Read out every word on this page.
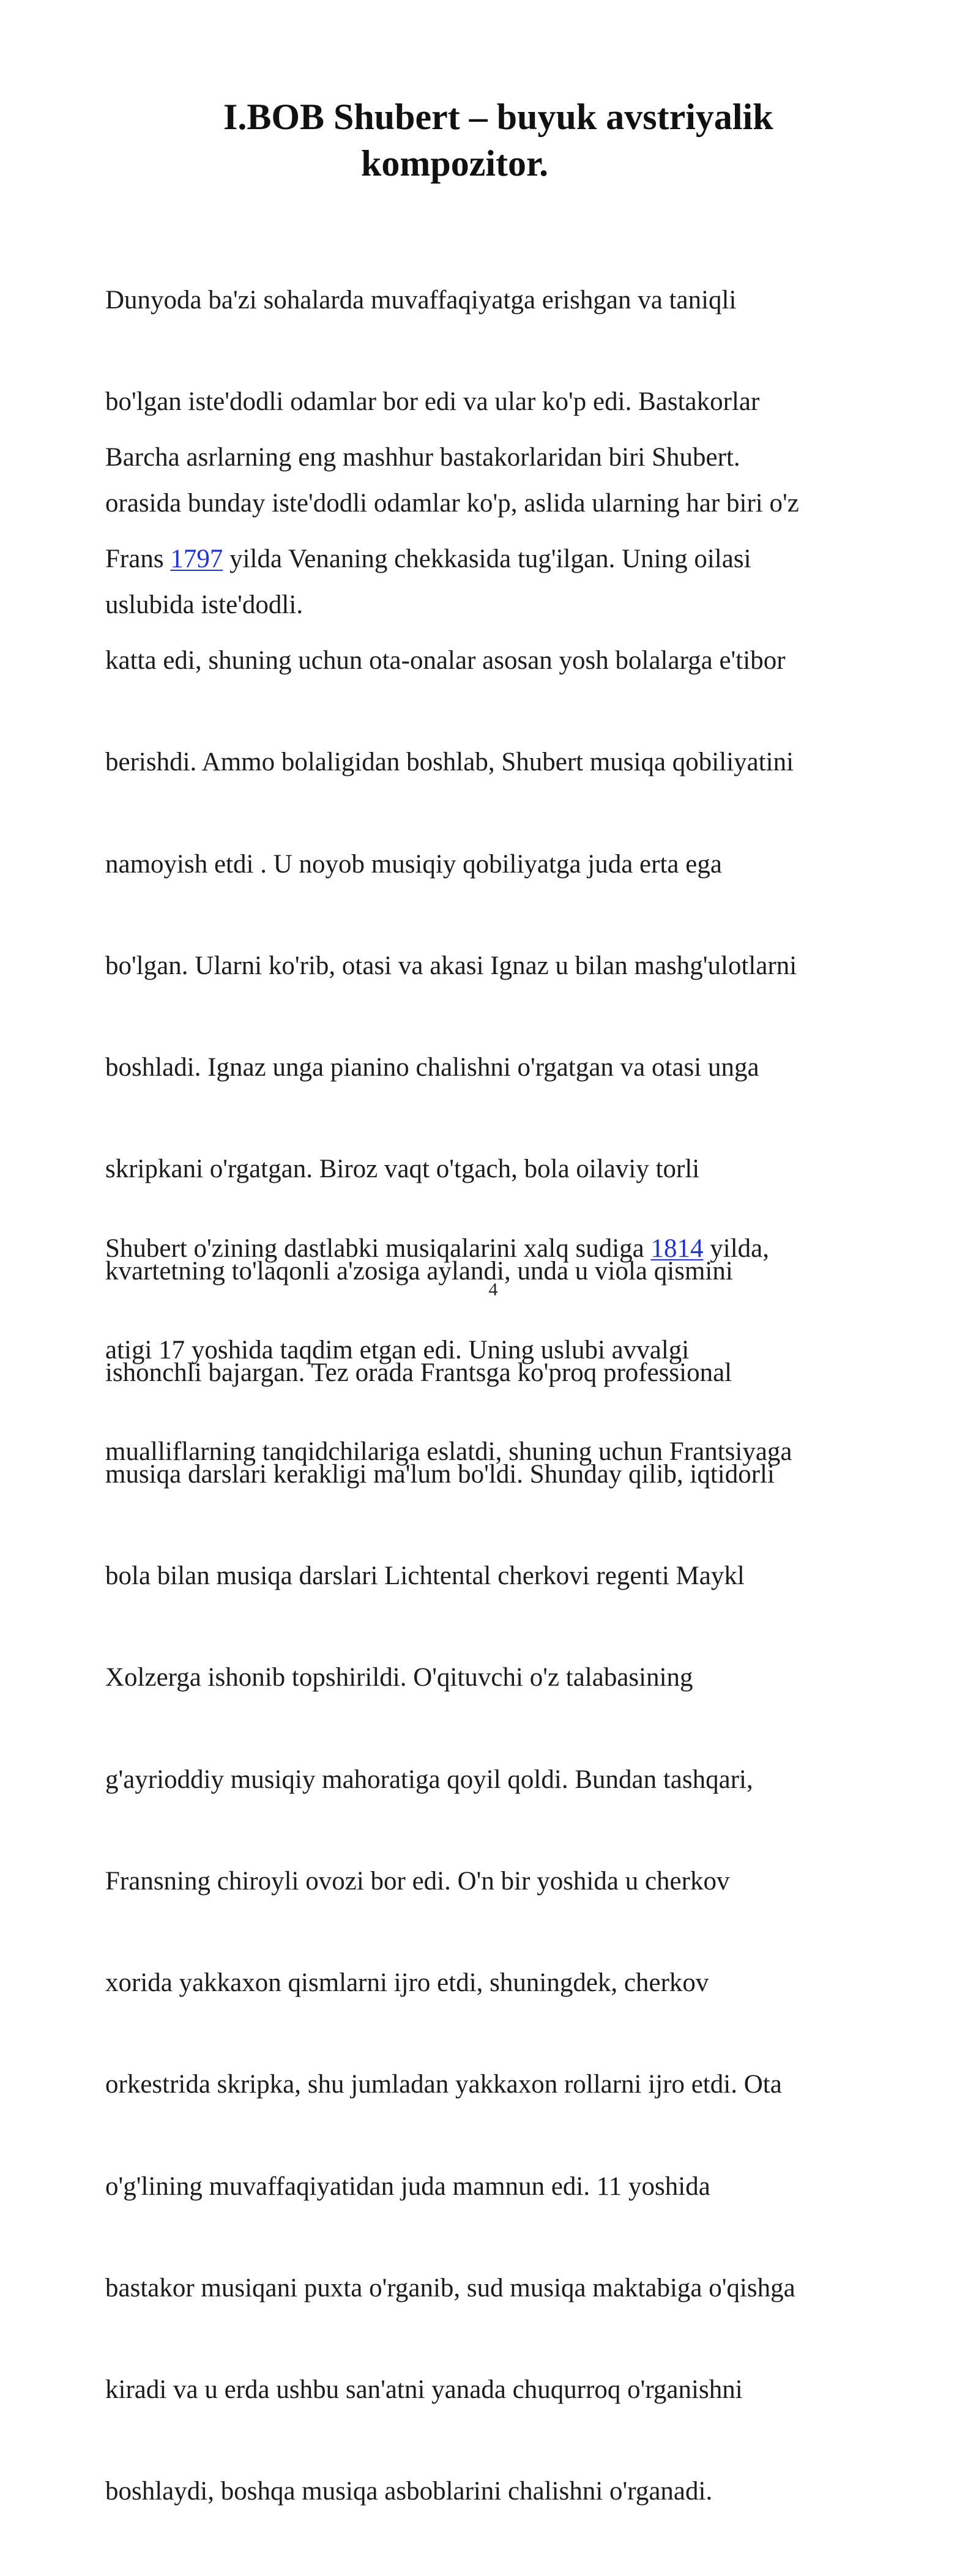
I.BOB Shubert – buyuk avstriyalik
kompozitor.

Dunyoda ba'zi sohalarda muvaffaqiyatga erishgan va taniqli

bo'lgan iste'dodli odamlar bor edi va ular ko'p edi. Bastakorlar

orasida bunday iste'dodli odamlar ko'p, aslida ularning har biri o'z

uslubida iste'dodli.

Barcha asrlarning eng mashhur bastakorlaridan biri Shubert.

Frans 1797 yilda Venaning chekkasida tug'ilgan. Uning oilasi

katta edi, shuning uchun ota-onalar asosan yosh bolalarga e'tibor

berishdi. Ammo bolaligidan boshlab, Shubert musiqa qobiliyatini

namoyish etdi . U noyob musiqiy qobiliyatga juda erta ega

bo'lgan. Ularni ko'rib, otasi va akasi Ignaz u bilan mashg'ulotlarni

boshladi. Ignaz unga pianino chalishni o'rgatgan va otasi unga

skripkani o'rgatgan. Biroz vaqt o'tgach, bola oilaviy torli

kvartetning to'laqonli a'zosiga aylandi, unda u viola qismini

ishonchli bajargan. Tez orada Frantsga ko'proq professional

musiqa darslari kerakligi ma'lum bo'ldi. Shunday qilib, iqtidorli

bola bilan musiqa darslari Lichtental cherkovi regenti Maykl

Xolzerga ishonib topshirildi. O'qituvchi o'z talabasining

g'ayrioddiy musiqiy mahoratiga qoyil qoldi. Bundan tashqari,

Fransning chiroyli ovozi bor edi. O'n bir yoshida u cherkov

xorida yakkaxon qismlarni ijro etdi, shuningdek, cherkov

orkestrida skripka, shu jumladan yakkaxon rollarni ijro etdi. Ota

o'g'lining muvaffaqiyatidan juda mamnun edi. 11 yoshida

bastakor musiqani puxta o'rganib, sud musiqa maktabiga o'qishga

kiradi va u erda ushbu san'atni yanada chuqurroq o'rganishni

boshlaydi, boshqa musiqa asboblarini chalishni o'rganadi.

Shubert o'zining dastlabki musiqalarini xalq sudiga 1814 yilda,

atigi 17 yoshida taqdim etgan edi. Uning uslubi avvalgi

mualliflarning tanqidchilariga eslatdi, shuning uchun Frantsiyaga

4
